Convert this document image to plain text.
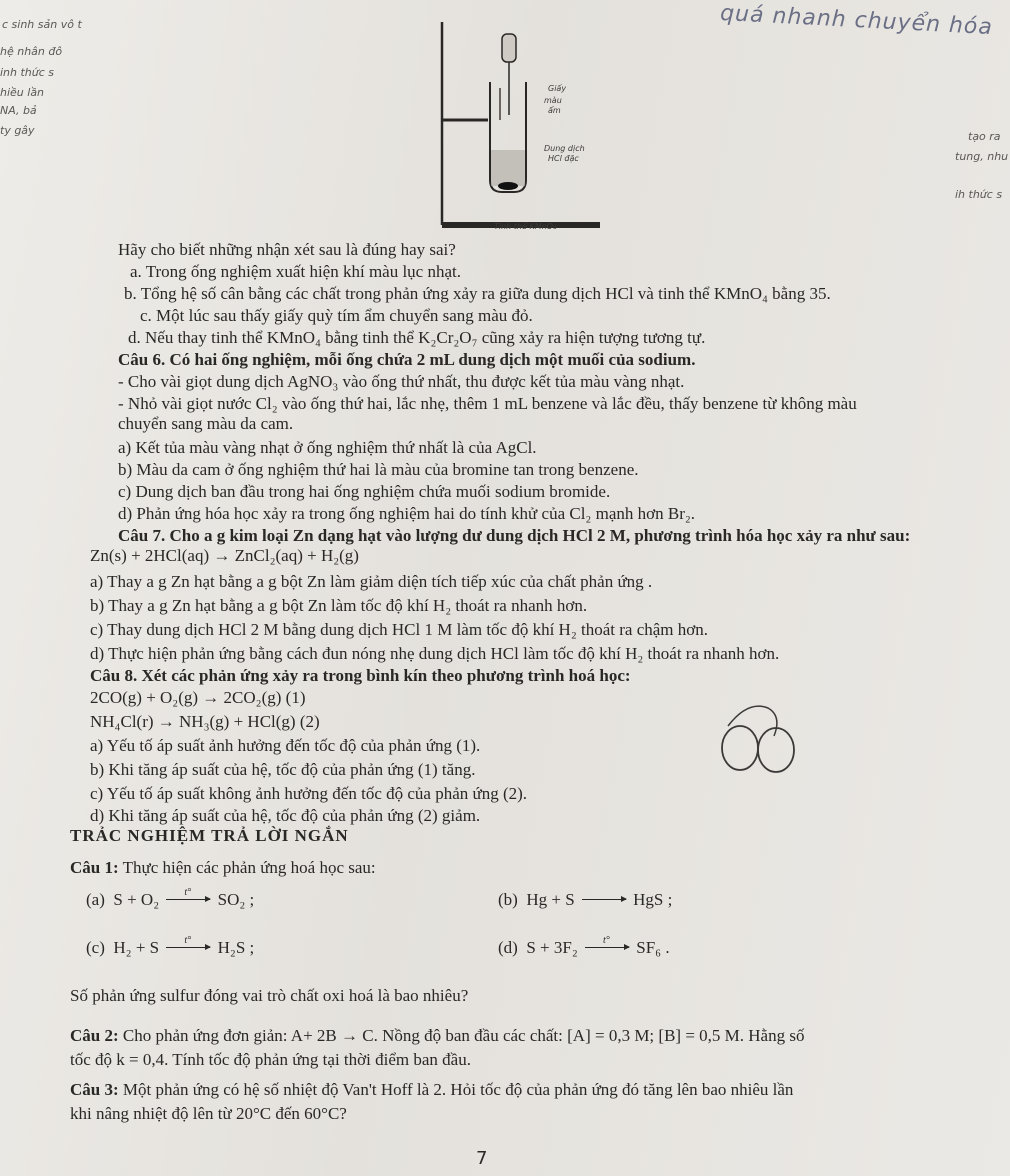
c sinh sản vô t
hệ nhân đô
inh thức s
hiều lần
NA, bả
ty gây	tạo ra
tung, nhu
ih thức s
quá nhanh chuyển hóa
Giấy
màu
ẩm
Dung dịch
HCl đặc
Tinh thể KMnO₄
Hãy cho biết những nhận xét sau là đúng hay sai?
a. Trong ống nghiệm xuất hiện khí màu lục nhạt.
b. Tổng hệ số cân bằng các chất trong phản ứng xảy ra giữa dung dịch HCl và tinh thể KMnO₄ bằng 35.
c. Một lúc sau thấy giấy quỳ tím ẩm chuyển sang màu đỏ.
d. Nếu thay tinh thể KMnO₄ bằng tinh thể K₂Cr₂O₇ cũng xảy ra hiện tượng tương tự.
Câu 6. Có hai ống nghiệm, mỗi ống chứa 2 mL dung dịch một muối của sodium.
- Cho vài giọt dung dịch AgNO₃ vào ống thứ nhất, thu được kết tủa màu vàng nhạt.
- Nhỏ vài giọt nước Cl₂ vào ống thứ hai, lắc nhẹ, thêm 1 mL benzene và lắc đều, thấy benzene từ không màu
chuyển sang màu da cam.
a) Kết tủa màu vàng nhạt ở ống nghiệm thứ nhất là của AgCl.
b) Màu da cam ở ống nghiệm thứ hai là màu của bromine tan trong benzene.
c) Dung dịch ban đầu trong hai ống nghiệm chứa muối sodium bromide.
d) Phản ứng hóa học xảy ra trong ống nghiệm hai do tính khử của Cl₂ mạnh hơn Br₂.
Câu 7. Cho a g kim loại Zn dạng hạt vào lượng dư dung dịch HCl 2 M, phương trình hóa học xảy ra như sau:
Zn(s) + 2HCl(aq) → ZnCl₂(aq) + H₂(g)
a) Thay a g Zn hạt bằng a g bột Zn làm giảm diện tích tiếp xúc của chất phản ứng .
b) Thay a g Zn hạt bằng a g bột Zn làm tốc độ khí H₂ thoát ra nhanh hơn.
c) Thay dung dịch HCl 2 M bằng dung dịch HCl 1 M làm tốc độ khí H₂ thoát ra chậm hơn.
d) Thực hiện phản ứng bằng cách đun nóng nhẹ dung dịch HCl làm tốc độ khí H₂ thoát ra nhanh hơn.
Câu 8. Xét các phản ứng xảy ra trong bình kín theo phương trình hoá học:
2CO(g) + O₂(g) → 2CO₂(g) (1)
NH₄Cl(r) → NH₃(g) + HCl(g) (2)
a) Yếu tố áp suất ảnh hưởng đến tốc độ của phản ứng (1).
b) Khi tăng áp suất của hệ, tốc độ của phản ứng (1) tăng.
c) Yếu tố áp suất không ảnh hưởng đến tốc độ của phản ứng (2).
d) Khi tăng áp suất của hệ, tốc độ của phản ứng (2) giảm.
TRẢC NGHIỆM TRẢ LỜI NGẮN
Câu 1: Thực hiện các phản ứng hoá học sau:
(a) S + O₂	t° SO₂ ;	(b) Hg + S	HgS ;
(c) H₂ + S	t° H₂S ;	(d) S + 3F₂	t° SF₆ .
Số phản ứng sulfur đóng vai trò chất oxi hoá là bao nhiêu?
Câu 2: Cho phản ứng đơn giản: A+ 2B → C. Nồng độ ban đầu các chất: [A] = 0,3 M; [B] = 0,5 M. Hằng số
tốc độ k = 0,4. Tính tốc độ phản ứng tại thời điểm ban đầu.
Câu 3: Một phản ứng có hệ số nhiệt độ Van't Hoff là 2. Hỏi tốc độ của phản ứng đó tăng lên bao nhiêu lần
khi nâng nhiệt độ lên từ 20°C đến 60°C?
7
